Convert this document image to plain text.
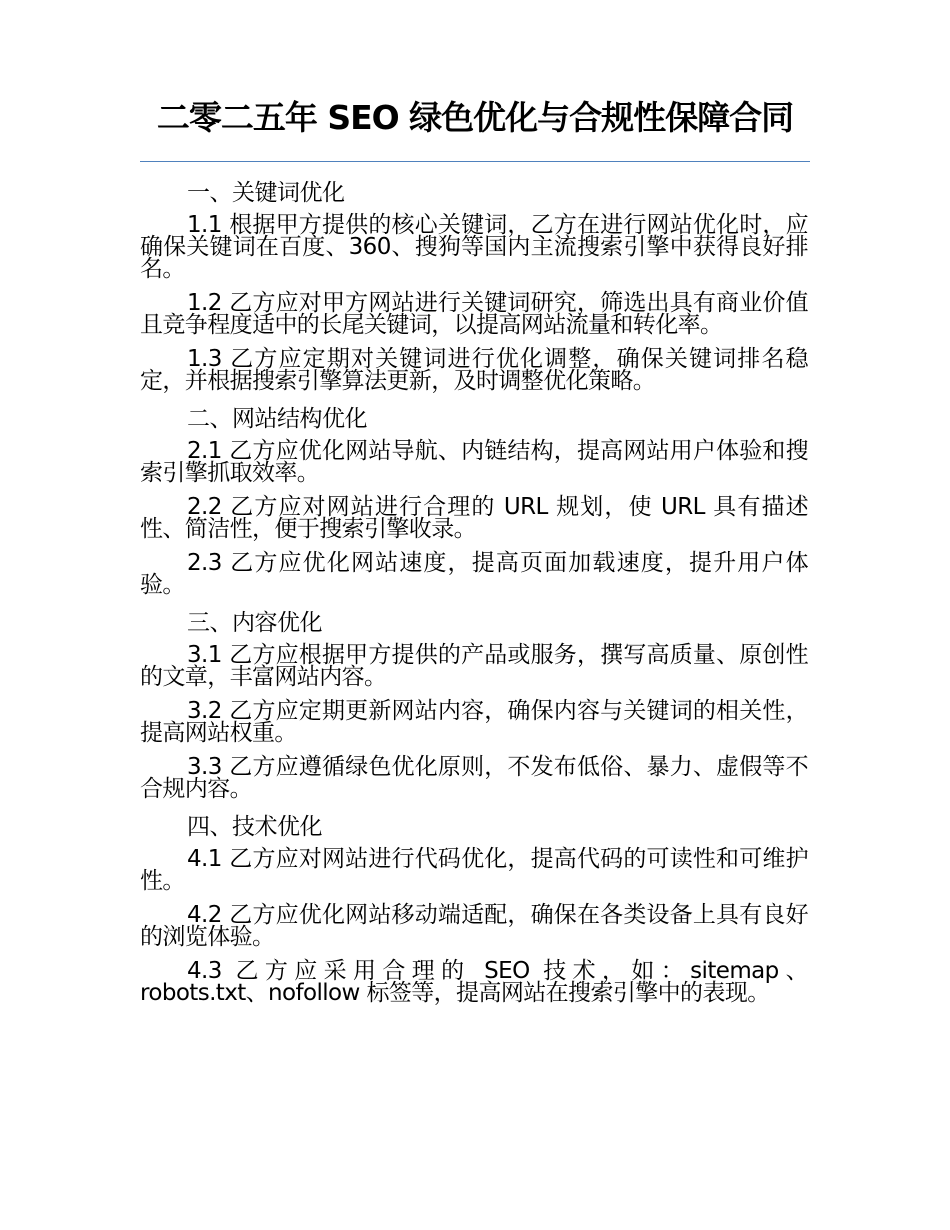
二零二五年 SEO 绿色优化与合规性保障合同

一、关键词优化

1.1 根据甲方提供的核心关键词，乙方在进行网站优化时，应确保关键词在百度、360、搜狗等国内主流搜索引擎中获得良好排名。

1.2 乙方应对甲方网站进行关键词研究，筛选出具有商业价值且竞争程度适中的长尾关键词，以提高网站流量和转化率。

1.3 乙方应定期对关键词进行优化调整，确保关键词排名稳定，并根据搜索引擎算法更新，及时调整优化策略。

二、网站结构优化

2.1 乙方应优化网站导航、内链结构，提高网站用户体验和搜索引擎抓取效率。

2.2 乙方应对网站进行合理的 URL 规划，使 URL 具有描述性、简洁性，便于搜索引擎收录。

2.3 乙方应优化网站速度，提高页面加载速度，提升用户体验。

三、内容优化

3.1 乙方应根据甲方提供的产品或服务，撰写高质量、原创性的文章，丰富网站内容。

3.2 乙方应定期更新网站内容，确保内容与关键词的相关性，提高网站权重。

3.3 乙方应遵循绿色优化原则，不发布低俗、暴力、虚假等不合规内容。

四、技术优化

4.1 乙方应对网站进行代码优化，提高代码的可读性和可维护性。

4.2 乙方应优化网站移动端适配，确保在各类设备上具有良好的浏览体验。

4.3 乙方应采用合理的 SEO 技术，如：sitemap、robots.txt、nofollow 标签等，提高网站在搜索引擎中的表现。
